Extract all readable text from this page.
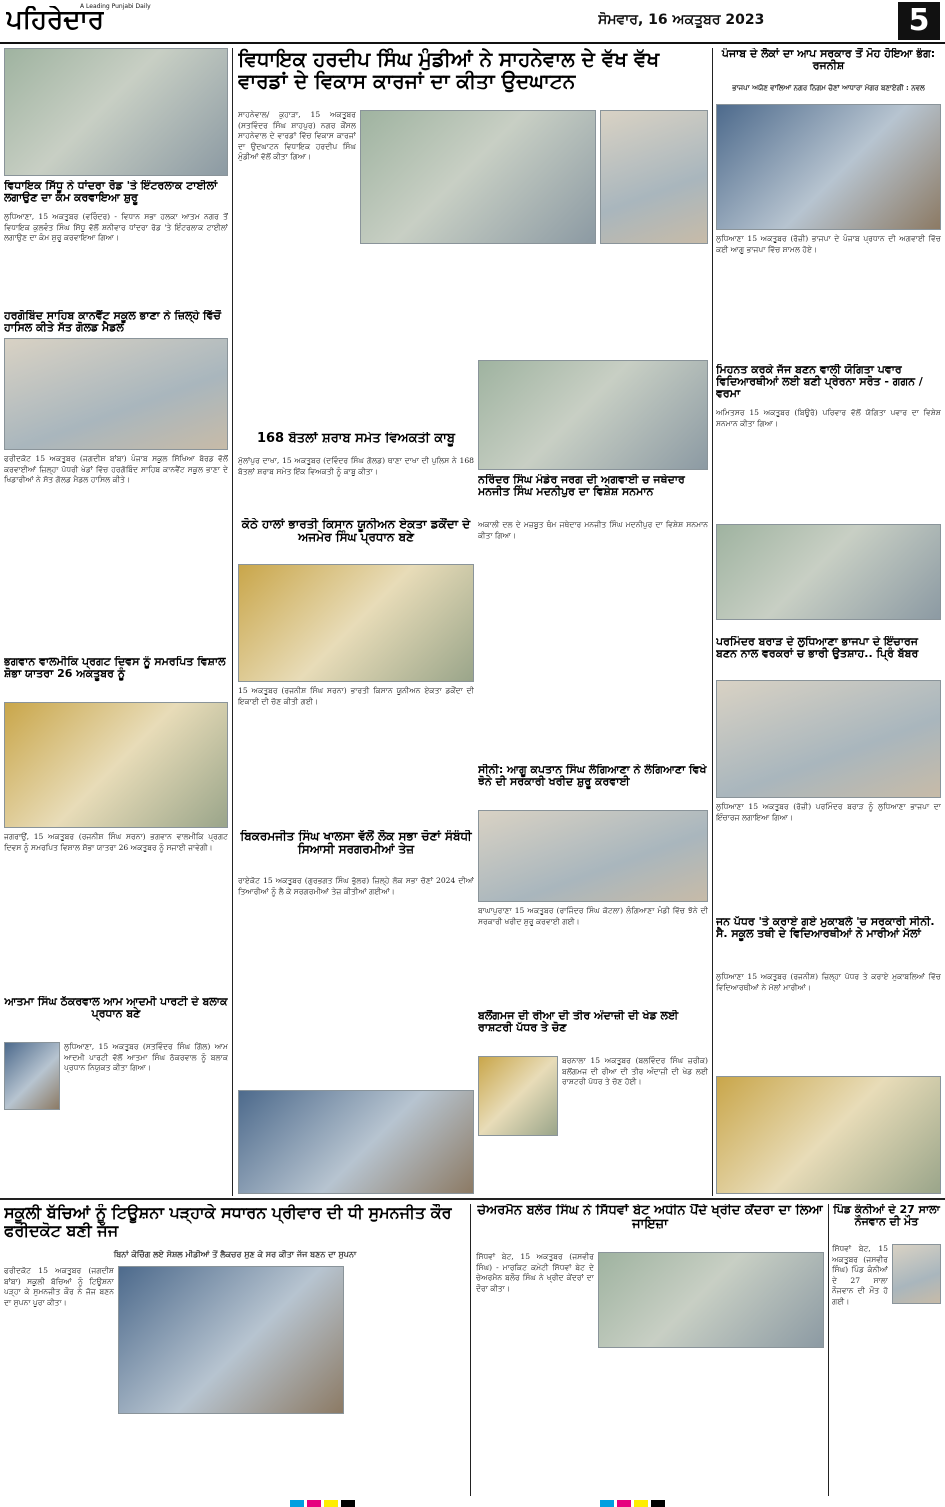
ਪਹਿਰੇਦਾਰ
A Leading Punjabi Daily
ਸੋਮਵਾਰ, 16 ਅਕਤੂਬਰ 2023	5
ਵਿਧਾਇਕ ਸਿੱਧੂ ਨੇ ਧਾਂਦਰਾ ਰੋਡ 'ਤੇ ਇੰਟਰਲਾਕ ਟਾਈਲਾਂ ਲਗਾਉਣ ਦਾ ਕੰਮ ਕਰਵਾਇਆ ਸ਼ੁਰੂ
ਲੁਧਿਆਣਾ, 15 ਅਕਤੂਬਰ (ਵਰਿੰਦਰ) - ਵਿਧਾਨ ਸਭਾ ਹਲਕਾ ਆਤਮ ਨਗਰ ਤੋਂ ਵਿਧਾਇਕ ਕੁਲਵੰਤ ਸਿੰਘ ਸਿੱਧੂ ਵੱਲੋਂ ਸ਼ਨੀਵਾਰ ਧਾਂਦਰਾ ਰੋਡ 'ਤੇ ਇੰਟਰਲਾਕ ਟਾਈਲਾਂ ਲਗਾਉਣ ਦਾ ਕੰਮ ਸ਼ੁਰੂ ਕਰਵਾਇਆ ਗਿਆ।
ਹਰਗੋਬਿੰਦ ਸਾਹਿਬ ਕਾਨਵੈਂਟ ਸਕੂਲ ਭਾਣਾ ਨੇ ਜ਼ਿਲ੍ਹੇ ਵਿੱਚੋਂ ਹਾਸਿਲ ਕੀਤੇ ਸੱਤ ਗੋਲਡ ਮੈਡਲ
ਫਰੀਦਕੋਟ 15 ਅਕਤੂਬਰ (ਜਗਦੀਸ਼ ਬਾਂਬਾ) ਪੰਜਾਬ ਸਕੂਲ ਸਿੱਖਿਆ ਬੋਰਡ ਵੱਲੋਂ ਕਰਵਾਈਆਂ ਜ਼ਿਲ੍ਹਾ ਪੱਧਰੀ ਖੇਡਾਂ ਵਿੱਚ ਹਰਗੋਬਿੰਦ ਸਾਹਿਬ ਕਾਨਵੈਂਟ ਸਕੂਲ ਭਾਣਾ ਦੇ ਖਿਡਾਰੀਆਂ ਨੇ ਸੱਤ ਗੋਲਡ ਮੈਡਲ ਹਾਸਿਲ ਕੀਤੇ।
ਭਗਵਾਨ ਵਾਲਮੀਕਿ ਪ੍ਰਗਟ ਦਿਵਸ ਨੂੰ ਸਮਰਪਿਤ ਵਿਸ਼ਾਲ ਸ਼ੋਭਾ ਯਾਤਰਾ 26 ਅਕਤੂਬਰ ਨੂੰ
ਜਗਰਾਉਂ, 15 ਅਕਤੂਬਰ (ਰਜਨੀਸ਼ ਸਿੰਘ ਸਰਨਾ) ਭਗਵਾਨ ਵਾਲਮੀਕਿ ਪ੍ਰਗਟ ਦਿਵਸ ਨੂੰ ਸਮਰਪਿਤ ਵਿਸ਼ਾਲ ਸ਼ੋਭਾ ਯਾਤਰਾ 26 ਅਕਤੂਬਰ ਨੂੰ ਸਜਾਈ ਜਾਵੇਗੀ।
ਆਤਮਾ ਸਿੰਘ ਠੱਕਰਵਾਲ ਆਮ ਆਦਮੀ ਪਾਰਟੀ ਦੇ ਬਲਾਕ ਪ੍ਰਧਾਨ ਬਣੇ
ਲੁਧਿਆਣਾ, 15 ਅਕਤੂਬਰ (ਸਤਵਿੰਦਰ ਸਿੰਘ ਗਿੱਲ) ਆਮ ਆਦਮੀ ਪਾਰਟੀ ਵੱਲੋਂ ਆਤਮਾ ਸਿੰਘ ਠੱਕਰਵਾਲ ਨੂੰ ਬਲਾਕ ਪ੍ਰਧਾਨ ਨਿਯੁਕਤ ਕੀਤਾ ਗਿਆ।
ਵਿਧਾਇਕ ਹਰਦੀਪ ਸਿੰਘ ਮੁੰਡੀਆਂ ਨੇ ਸਾਹਨੇਵਾਲ ਦੇ ਵੱਖ ਵੱਖ ਵਾਰਡਾਂ ਦੇ ਵਿਕਾਸ ਕਾਰਜਾਂ ਦਾ ਕੀਤਾ ਉਦਘਾਟਨ
ਸਾਹਨੇਵਾਲ/ ਕੁਹਾੜਾ, 15 ਅਕਤੂਬਰ (ਸਤਵਿੰਦਰ ਸਿੰਘ ਸ਼ਾਹਪੁਰ) ਨਗਰ ਕੌਂਸਲ ਸਾਹਨੇਵਾਲ ਦੇ ਵਾਰਡਾਂ ਵਿੱਚ ਵਿਕਾਸ ਕਾਰਜਾਂ ਦਾ ਉਦਘਾਟਨ ਵਿਧਾਇਕ ਹਰਦੀਪ ਸਿੰਘ ਮੁੰਡੀਆਂ ਵੱਲੋਂ ਕੀਤਾ ਗਿਆ।
168 ਬੋਤਲਾਂ ਸ਼ਰਾਬ ਸਮੇਤ ਵਿਅਕਤੀ ਕਾਬੂ
ਮੁੱਲਾਂਪੁਰ ਦਾਖਾ, 15 ਅਕਤੂਬਰ (ਦਵਿੰਦਰ ਸਿੰਘ ਗੋਲਡ) ਥਾਣਾ ਦਾਖਾ ਦੀ ਪੁਲਿਸ ਨੇ 168 ਬੋਤਲਾਂ ਸ਼ਰਾਬ ਸਮੇਤ ਇੱਕ ਵਿਅਕਤੀ ਨੂੰ ਕਾਬੂ ਕੀਤਾ।
ਕੋਠੇ ਹਾਲਾਂ ਭਾਰਤੀ ਕਿਸਾਨ ਯੂਨੀਅਨ ਏਕਤਾ ਡਕੌਂਦਾ ਦੇ ਅਜਮੇਰ ਸਿੰਘ ਪ੍ਰਧਾਨ ਬਣੇ
15 ਅਕਤੂਬਰ (ਰਜਨੀਸ਼ ਸਿੰਘ ਸਰਨਾ) ਭਾਰਤੀ ਕਿਸਾਨ ਯੂਨੀਅਨ ਏਕਤਾ ਡਕੌਂਦਾ ਦੀ ਇਕਾਈ ਦੀ ਚੋਣ ਕੀਤੀ ਗਈ।
ਬਿਕਰਮਜੀਤ ਸਿੰਘ ਖਾਲਸਾ ਵੱਲੋਂ ਲੋਕ ਸਭਾ ਚੋਣਾਂ ਸੰਬੰਧੀ ਸਿਆਸੀ ਸਰਗਰਮੀਆਂ ਤੇਜ਼
ਰਾਏਕੋਟ 15 ਅਕਤੂਬਰ (ਗੁਰਭਗਤ ਸਿੰਘ ਭੁੱਲਰ) ਜ਼ਿਲ੍ਹੇ ਲੋਕ ਸਭਾ ਚੋਣਾਂ 2024 ਦੀਆਂ ਤਿਆਰੀਆਂ ਨੂੰ ਲੈ ਕੇ ਸਰਗਰਮੀਆਂ ਤੇਜ਼ ਕੀਤੀਆਂ ਗਈਆਂ।
ਨਰਿੰਦਰ ਸਿੰਘ ਮੰਡੇਰ ਜਰਗ ਦੀ ਅਗਵਾਈ ਚ ਜਥੇਦਾਰ ਮਨਜੀਤ ਸਿੰਘ ਮਦਨੀਪੁਰ ਦਾ ਵਿਸ਼ੇਸ਼ ਸਨਮਾਨ
ਅਕਾਲੀ ਦਲ ਦੇ ਮਜ਼ਬੂਤ ਥੰਮ ਜਥੇਦਾਰ ਮਨਜੀਤ ਸਿੰਘ ਮਦਨੀਪੁਰ ਦਾ ਵਿਸ਼ੇਸ਼ ਸਨਮਾਨ ਕੀਤਾ ਗਿਆ।
ਸੀਨੀ: ਆਗੂ ਕਪਤਾਨ ਸਿੰਘ ਲੰਗਿਆਣਾ ਨੇ ਲੰਗਿਆਣਾ ਵਿਖੇ ਝੋਨੇ ਦੀ ਸਰਕਾਰੀ ਖਰੀਦ ਸ਼ੁਰੂ ਕਰਵਾਈ
ਬਾਘਾਪੁਰਾਣਾ 15 ਅਕਤੂਬਰ (ਰਾਜਿੰਦਰ ਸਿੰਘ ਕੋਟਲਾ) ਲੰਗਿਆਣਾ ਮੰਡੀ ਵਿੱਚ ਝੋਨੇ ਦੀ ਸਰਕਾਰੀ ਖਰੀਦ ਸ਼ੁਰੂ ਕਰਵਾਈ ਗਈ।
ਬਲੋਂਗਮਜ ਦੀ ਰੀਆ ਦੀ ਤੀਰ ਅੰਦਾਜ਼ੀ ਦੀ ਖੇਡ ਲਈ ਰਾਸ਼ਟਰੀ ਪੱਧਰ ਤੇ ਚੋਣ
ਬਰਨਾਲਾ 15 ਅਕਤੂਬਰ (ਬਲਵਿੰਦਰ ਸਿੰਘ ਜ਼ਰੀਕ) ਬਲੋਂਗਮਜ ਦੀ ਰੀਆ ਦੀ ਤੀਰ ਅੰਦਾਜ਼ੀ ਦੀ ਖੇਡ ਲਈ ਰਾਸ਼ਟਰੀ ਪੱਧਰ ਤੇ ਚੋਣ ਹੋਈ।
ਪੰਜਾਬ ਦੇ ਲੋਕਾਂ ਦਾ ਆਪ ਸਰਕਾਰ ਤੋਂ ਮੋਹ ਹੋਇਆ ਭੰਗ: ਰਜਨੀਸ਼
ਭਾਜਪਾ ਅਯੋਣ ਵਾਲਿਆਂ ਨਗਰ ਨਿਗਮ ਚੋਣਾਂ ਆਧਾਰਾ ਮੰਗਰ ਬਣਾਏਗੀ : ਨਵਲ
ਲੁਧਿਆਣਾ 15 ਅਕਤੂਬਰ (ਰੋਜ਼ੀ) ਭਾਜਪਾ ਦੇ ਪੰਜਾਬ ਪ੍ਰਧਾਨ ਦੀ ਅਗਵਾਈ ਵਿੱਚ ਕਈ ਆਗੂ ਭਾਜਪਾ ਵਿੱਚ ਸ਼ਾਮਲ ਹੋਏ।
ਮਿਹਨਤ ਕਰਕੇ ਜੱਜ ਬਣਨ ਵਾਲੀ ਯੋਗਿਤਾ ਪਵਾਰ ਵਿਦਿਆਰਥੀਆਂ ਲਈ ਬਣੀ ਪ੍ਰੇਰਨਾ ਸਰੋਤ - ਗਗਨ / ਵਰਮਾ
ਅਮਿਤਸਰ 15 ਅਕਤੂਬਰ (ਬਿਊਰੋ) ਪਰਿਵਾਰ ਵੱਲੋਂ ਯੋਗਿਤਾ ਪਵਾਰ ਦਾ ਵਿਸ਼ੇਸ਼ ਸਨਮਾਨ ਕੀਤਾ ਗਿਆ।
ਪਰਮਿੰਦਰ ਬਰਾੜ ਦੇ ਲੁਧਿਆਣਾ ਭਾਜਪਾ ਦੇ ਇੰਚਾਰਜ ਬਣਨ ਨਾਲ ਵਰਕਰਾਂ ਚ ਭਾਰੀ ਉਤਸ਼ਾਹ.. ਪ੍ਰਿੰ ਬੱਬਰ
ਲੁਧਿਆਣਾ 15 ਅਕਤੂਬਰ (ਰੋਜ਼ੀ) ਪਰਮਿੰਦਰ ਬਰਾੜ ਨੂੰ ਲੁਧਿਆਣਾ ਭਾਜਪਾ ਦਾ ਇੰਚਾਰਜ ਲਗਾਇਆ ਗਿਆ।
ਜਨ ਪੱਧਰ 'ਤੇ ਕਰਾਏ ਗਏ ਮੁਕਾਬਲੇ 'ਚ ਸਰਕਾਰੀ ਸੀਨੀ. ਸੈ. ਸਕੂਲ ਤਥੀ ਦੇ ਵਿਦਿਆਰਥੀਆਂ ਨੇ ਮਾਰੀਆਂ ਮੱਲਾਂ
ਲੁਧਿਆਣਾ 15 ਅਕਤੂਬਰ (ਰਜਨੀਸ਼) ਜ਼ਿਲ੍ਹਾ ਪੱਧਰ ਤੇ ਕਰਾਏ ਮੁਕਾਬਲਿਆਂ ਵਿੱਚ ਵਿਦਿਆਰਥੀਆਂ ਨੇ ਮੱਲਾਂ ਮਾਰੀਆਂ।
ਸਕੂਲੀ ਬੱਚਿਆਂ ਨੂੰ ਟਿਊਸ਼ਨਾ ਪੜ੍ਹਾਕੇ ਸਧਾਰਨ ਪ੍ਰੀਵਾਰ ਦੀ ਧੀ ਸੁਮਨਜੀਤ ਕੌਰ ਫਰੀਦਕੋਟ ਬਣੀ ਜੱਜ
ਬਿਨਾਂ ਕੋਚਿੰਗ ਲਏ ਸੋਸ਼ਲ ਮੀਡੀਆਂ ਤੋਂ ਲੈਕਚਰ ਸੁਣ ਕੇ ਸਰ ਕੀਤਾ ਜੱਜ ਬਣਨ ਦਾ ਸੁਪਨਾ
ਫਰੀਦਕੋਟ 15 ਅਕਤੂਬਰ (ਜਗਦੀਸ਼ ਬਾਂਬਾ) ਸਕੂਲੀ ਬੱਚਿਆਂ ਨੂੰ ਟਿਊਸ਼ਨਾ ਪੜ੍ਹਾ ਕੇ ਸੁਮਨਜੀਤ ਕੌਰ ਨੇ ਜੱਜ ਬਣਨ ਦਾ ਸੁਪਨਾ ਪੂਰਾ ਕੀਤਾ।
ਚੇਅਰਮੈਨ ਬਲੌਰ ਸਿੰਘ ਨੇ ਸਿੱਧਵਾਂ ਬੇਟ ਅਧੀਨ ਪੈਂਦੇ ਖ੍ਰੀਦ ਕੇਂਦਰਾ ਦਾ ਲਿਆ ਜਾਇਜ਼ਾ
ਸਿੱਧਵਾਂ ਬੇਟ, 15 ਅਕਤੂਬਰ (ਜਸਵੀਰ ਸਿੰਘ) - ਮਾਰਕਿਟ ਕਮੇਟੀ ਸਿੱਧਵਾਂ ਬੇਟ ਦੇ ਚੇਅਰਮੈਨ ਬਲੌਰ ਸਿੰਘ ਨੇ ਖ੍ਰੀਦ ਕੇਂਦਰਾਂ ਦਾ ਦੌਰਾ ਕੀਤਾ।
ਪਿੰਡ ਕੰਨੀਆਂ ਦੇ 27 ਸਾਲਾ ਨੌਜਵਾਨ ਦੀ ਮੌਤ
ਸਿੱਧਵਾਂ ਬੇਟ, 15 ਅਕਤੂਬਰ (ਜਸਵੀਰ ਸਿੰਘ) ਪਿੰਡ ਕੰਨੀਆਂ ਦੇ 27 ਸਾਲਾ ਨੌਜਵਾਨ ਦੀ ਮੌਤ ਹੋ ਗਈ।
